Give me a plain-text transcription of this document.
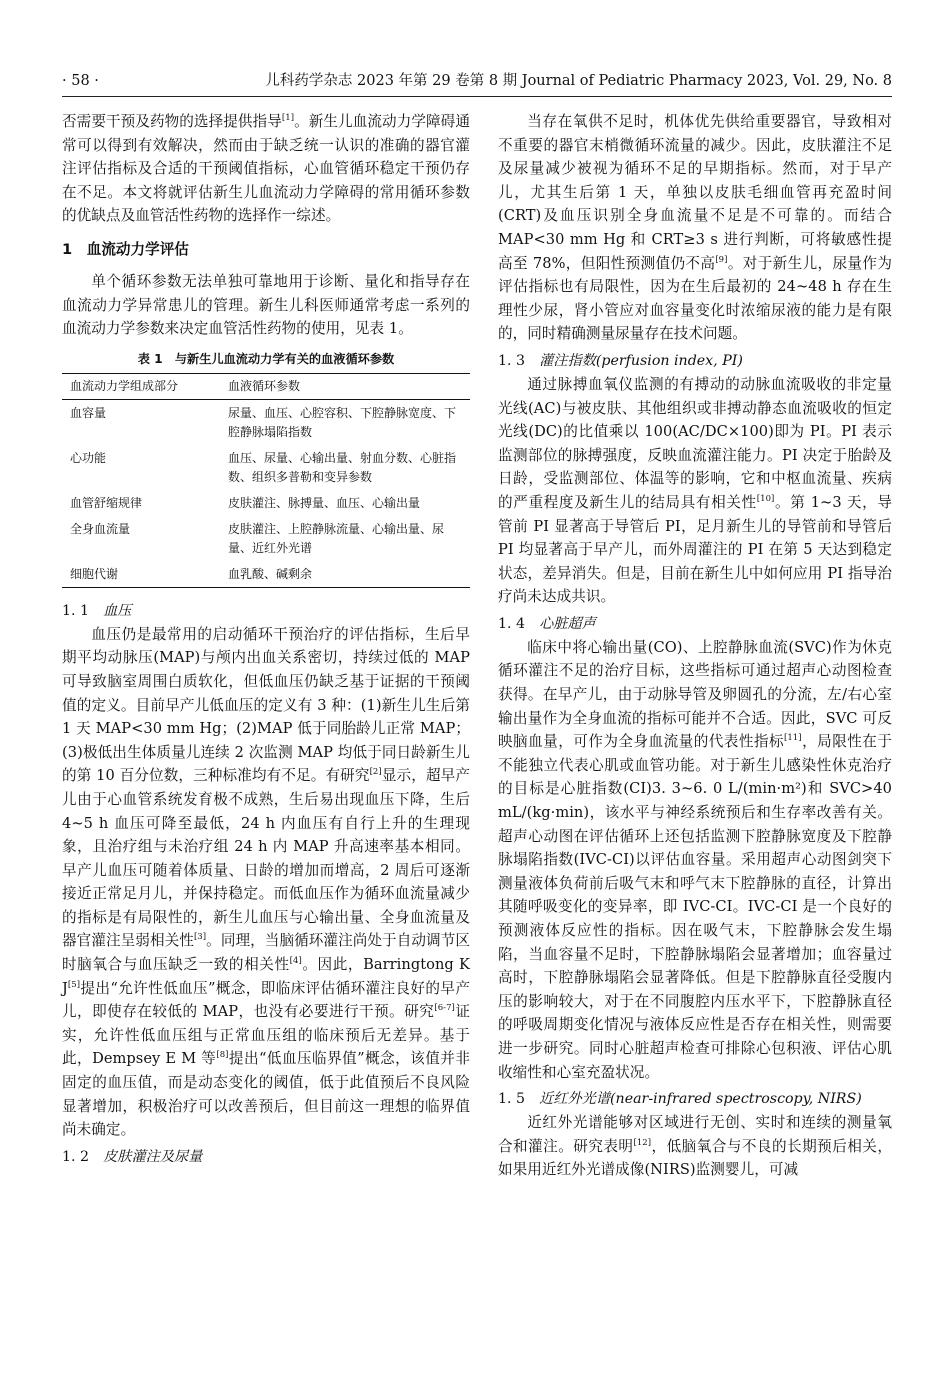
· 58 ·	儿科药学杂志 2023 年第 29 卷第 8 期 Journal of Pediatric Pharmacy 2023, Vol. 29, No. 8

否需要干预及药物的选择提供指导[1]。新生儿血流动力学障碍通常可以得到有效解决，然而由于缺乏统一认识的准确的器官灌注评估指标及合适的干预阈值指标，心血管循环稳定干预仍存在不足。本文将就评估新生儿血流动力学障碍的常用循环参数的优缺点及血管活性药物的选择作一综述。

1　血流动力学评估

单个循环参数无法单独可靠地用于诊断、量化和指导存在血流动力学异常患儿的管理。新生儿科医师通常考虑一系列的血流动力学参数来决定血管活性药物的使用，见表 1。

表 1　与新生儿血流动力学有关的血液循环参数
血流动力学组成部分	血液循环参数
血容量	尿量、血压、心腔容积、下腔静脉宽度、下腔静脉塌陷指数
心功能	血压、尿量、心输出量、射血分数、心脏指数、组织多普勒和变异参数
血管舒缩规律	皮肤灌注、脉搏量、血压、心输出量
全身血流量	皮肤灌注、上腔静脉流量、心输出量、尿量、近红外光谱
细胞代谢	血乳酸、碱剩余
1. 1 血压

血压仍是最常用的启动循环干预治疗的评估指标，生后早期平均动脉压(MAP)与颅内出血关系密切，持续过低的 MAP 可导致脑室周围白质软化，但低血压仍缺乏基于证据的干预阈值的定义。目前早产儿低血压的定义有 3 种：(1)新生儿生后第 1 天 MAP<30 mm Hg；(2)MAP 低于同胎龄儿正常 MAP；(3)极低出生体质量儿连续 2 次监测 MAP 均低于同日龄新生儿的第 10 百分位数，三种标准均有不足。有研究[2]显示，超早产儿由于心血管系统发育极不成熟，生后易出现血压下降，生后 4~5 h 血压可降至最低，24 h 内血压有自行上升的生理现象，且治疗组与未治疗组 24 h 内 MAP 升高速率基本相同。早产儿血压可随着体质量、日龄的增加而增高，2 周后可逐渐接近正常足月儿，并保持稳定。而低血压作为循环血流量减少的指标是有局限性的，新生儿血压与心输出量、全身血流量及器官灌注呈弱相关性[3]。同理，当脑循环灌注尚处于自动调节区时脑氧合与血压缺乏一致的相关性[4]。因此，Barringtong K J[5]提出“允许性低血压”概念，即临床评估循环灌注良好的早产儿，即使存在较低的 MAP，也没有必要进行干预。研究[6-7]证实，允许性低血压组与正常血压组的临床预后无差异。基于此，Dempsey E M 等[8]提出“低血压临界值”概念，该值并非固定的血压值，而是动态变化的阈值，低于此值预后不良风险显著增加，积极治疗可以改善预后，但目前这一理想的临界值尚未确定。

1. 2 皮肤灌注及尿量

当存在氧供不足时，机体优先供给重要器官，导致相对不重要的器官末梢微循环流量的减少。因此，皮肤灌注不足及尿量减少被视为循环不足的早期指标。然而，对于早产儿，尤其生后第 1 天，单独以皮肤毛细血管再充盈时间(CRT)及血压识别全身血流量不足是不可靠的。而结合 MAP<30 mm Hg 和 CRT≥3 s 进行判断，可将敏感性提高至 78%，但阳性预测值仍不高[9]。对于新生儿，尿量作为评估指标也有局限性，因为在生后最初的 24~48 h 存在生理性少尿，肾小管应对血容量变化时浓缩尿液的能力是有限的，同时精确测量尿量存在技术问题。

1. 3 灌注指数(perfusion index, PI)

通过脉搏血氧仪监测的有搏动的动脉血流吸收的非定量光线(AC)与被皮肤、其他组织或非搏动静态血流吸收的恒定光线(DC)的比值乘以 100(AC/DC×100)即为 PI。PI 表示监测部位的脉搏强度，反映血流灌注能力。PI 决定于胎龄及日龄，受监测部位、体温等的影响，它和中枢血流量、疾病的严重程度及新生儿的结局具有相关性[10]。第 1~3 天，导管前 PI 显著高于导管后 PI，足月新生儿的导管前和导管后 PI 均显著高于早产儿，而外周灌注的 PI 在第 5 天达到稳定状态，差异消失。但是，目前在新生儿中如何应用 PI 指导治疗尚未达成共识。

1. 4 心脏超声

临床中将心输出量(CO)、上腔静脉血流(SVC)作为休克循环灌注不足的治疗目标，这些指标可通过超声心动图检查获得。在早产儿，由于动脉导管及卵圆孔的分流，左/右心室输出量作为全身血流的指标可能并不合适。因此，SVC 可反映脑血量，可作为全身血流量的代表性指标[11]，局限性在于不能独立代表心肌或血管功能。对于新生儿感染性休克治疗的目标是心脏指数(CI)3. 3~6. 0 L/(min·m²)和 SVC>40 mL/(kg·min)，该水平与神经系统预后和生存率改善有关。超声心动图在评估循环上还包括监测下腔静脉宽度及下腔静脉塌陷指数(IVC-CI)以评估血容量。采用超声心动图剑突下测量液体负荷前后吸气末和呼气末下腔静脉的直径，计算出其随呼吸变化的变异率，即 IVC-CI。IVC-CI 是一个良好的预测液体反应性的指标。因在吸气末，下腔静脉会发生塌陷，当血容量不足时，下腔静脉塌陷会显著增加；血容量过高时，下腔静脉塌陷会显著降低。但是下腔静脉直径受腹内压的影响较大，对于在不同腹腔内压水平下，下腔静脉直径的呼吸周期变化情况与液体反应性是否存在相关性，则需要进一步研究。同时心脏超声检查可排除心包积液、评估心肌收缩性和心室充盈状况。

1. 5 近红外光谱(near-infrared spectroscopy, NIRS)

近红外光谱能够对区域进行无创、实时和连续的测量氧合和灌注。研究表明[12]，低脑氧合与不良的长期预后相关，如果用近红外光谱成像(NIRS)监测婴儿，可减
